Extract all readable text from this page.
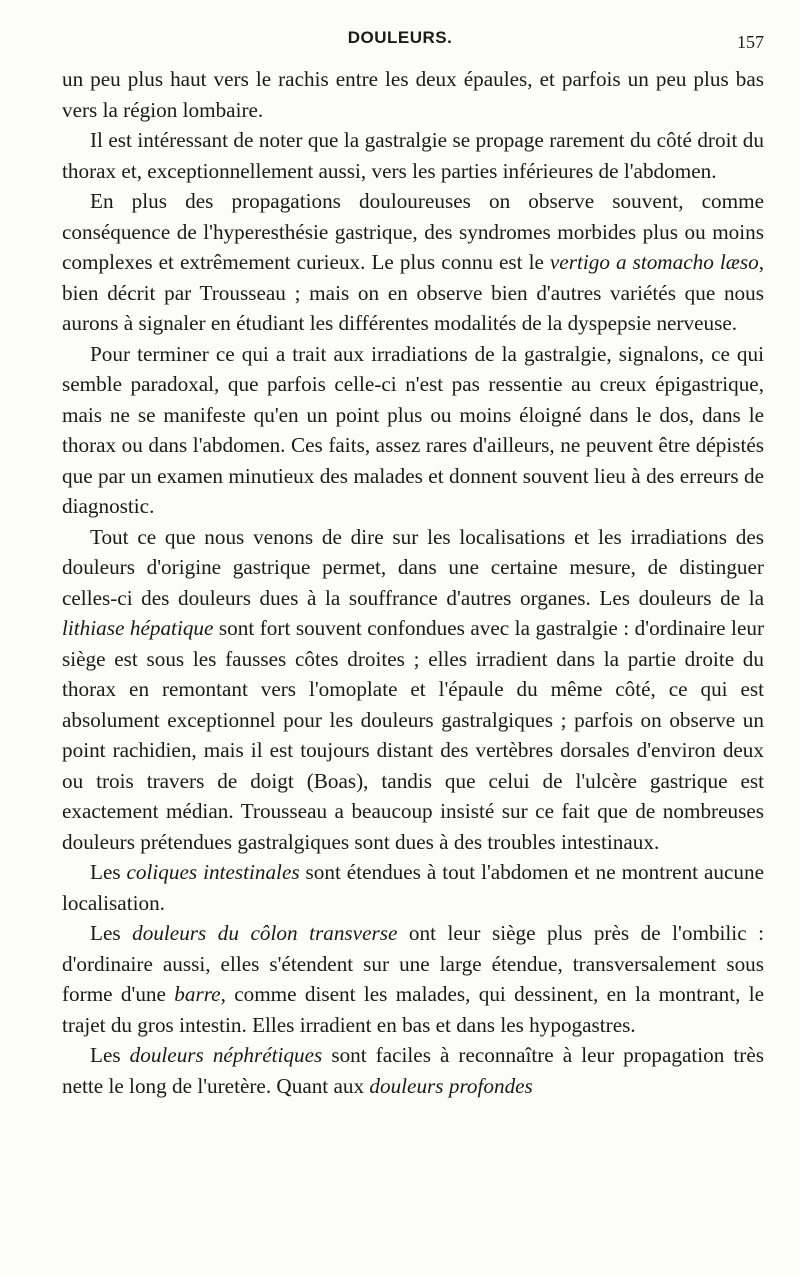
DOULEURS.	157

un peu plus haut vers le rachis entre les deux épaules, et parfois un peu plus bas vers la région lombaire.

Il est intéressant de noter que la gastralgie se propage rarement du côté droit du thorax et, exceptionnellement aussi, vers les parties inférieures de l'abdomen.

En plus des propagations douloureuses on observe souvent, comme conséquence de l'hyperesthésie gastrique, des syndromes morbides plus ou moins complexes et extrêmement curieux. Le plus connu est le vertigo a stomacho læso, bien décrit par Trousseau ; mais on en observe bien d'autres variétés que nous aurons à signaler en étudiant les différentes modalités de la dyspepsie nerveuse.

Pour terminer ce qui a trait aux irradiations de la gastralgie, signalons, ce qui semble paradoxal, que parfois celle-ci n'est pas ressentie au creux épigastrique, mais ne se manifeste qu'en un point plus ou moins éloigné dans le dos, dans le thorax ou dans l'abdomen. Ces faits, assez rares d'ailleurs, ne peuvent être dépistés que par un examen minutieux des malades et donnent souvent lieu à des erreurs de diagnostic.

Tout ce que nous venons de dire sur les localisations et les irradiations des douleurs d'origine gastrique permet, dans une certaine mesure, de distinguer celles-ci des douleurs dues à la souffrance d'autres organes. Les douleurs de la lithiase hépatique sont fort souvent confondues avec la gastralgie : d'ordinaire leur siège est sous les fausses côtes droites ; elles irradient dans la partie droite du thorax en remontant vers l'omoplate et l'épaule du même côté, ce qui est absolument exceptionnel pour les douleurs gastralgiques ; parfois on observe un point rachidien, mais il est toujours distant des vertèbres dorsales d'environ deux ou trois travers de doigt (Boas), tandis que celui de l'ulcère gastrique est exactement médian. Trousseau a beaucoup insisté sur ce fait que de nombreuses douleurs prétendues gastralgiques sont dues à des troubles intestinaux.

Les coliques intestinales sont étendues à tout l'abdomen et ne montrent aucune localisation.

Les douleurs du côlon transverse ont leur siège plus près de l'ombilic : d'ordinaire aussi, elles s'étendent sur une large étendue, transversalement sous forme d'une barre, comme disent les malades, qui dessinent, en la montrant, le trajet du gros intestin. Elles irradient en bas et dans les hypogastres.

Les douleurs néphrétiques sont faciles à reconnaître à leur propagation très nette le long de l'uretère. Quant aux douleurs profondes
